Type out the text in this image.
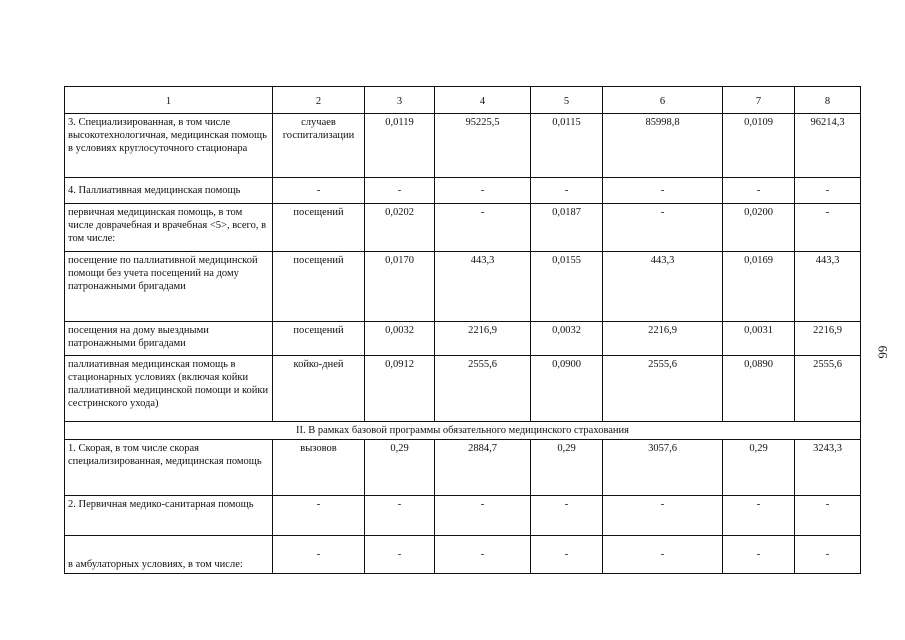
66
1	2	3	4	5	6	7	8
3. Специализированная, в том числе высокотехнологичная, медицинская помощь в условиях круглосуточного стационара	случаев госпитализации	0,0119	95225,5	0,0115	85998,8	0,0109	96214,3
4. Паллиативная медицинская помощь	-	-	-	-	-	-	-
первичная медицинская помощь, в том числе доврачебная и врачебная <5>, всего, в том числе:	посещений	0,0202	-	0,0187	-	0,0200	-
посещение по паллиативной медицинской помощи без учета посещений на дому патронажными бригадами	посещений	0,0170	443,3	0,0155	443,3	0,0169	443,3
посещения на дому выездными патронажными бригадами	посещений	0,0032	2216,9	0,0032	2216,9	0,0031	2216,9
паллиативная медицинская помощь в стационарных условиях (включая койки паллиативной медицинской помощи и койки сестринского ухода)	койко-дней	0,0912	2555,6	0,0900	2555,6	0,0890	2555,6
II. В рамках базовой программы обязательного медицинского страхования							
1. Скорая, в том числе скорая специализированная, медицинская помощь	вызовов	0,29	2884,7	0,29	3057,6	0,29	3243,3
2. Первичная медико-санитарная помощь	-	-	-	-	-	-	-
в амбулаторных условиях, в том числе:	-	-	-	-	-	-	-
